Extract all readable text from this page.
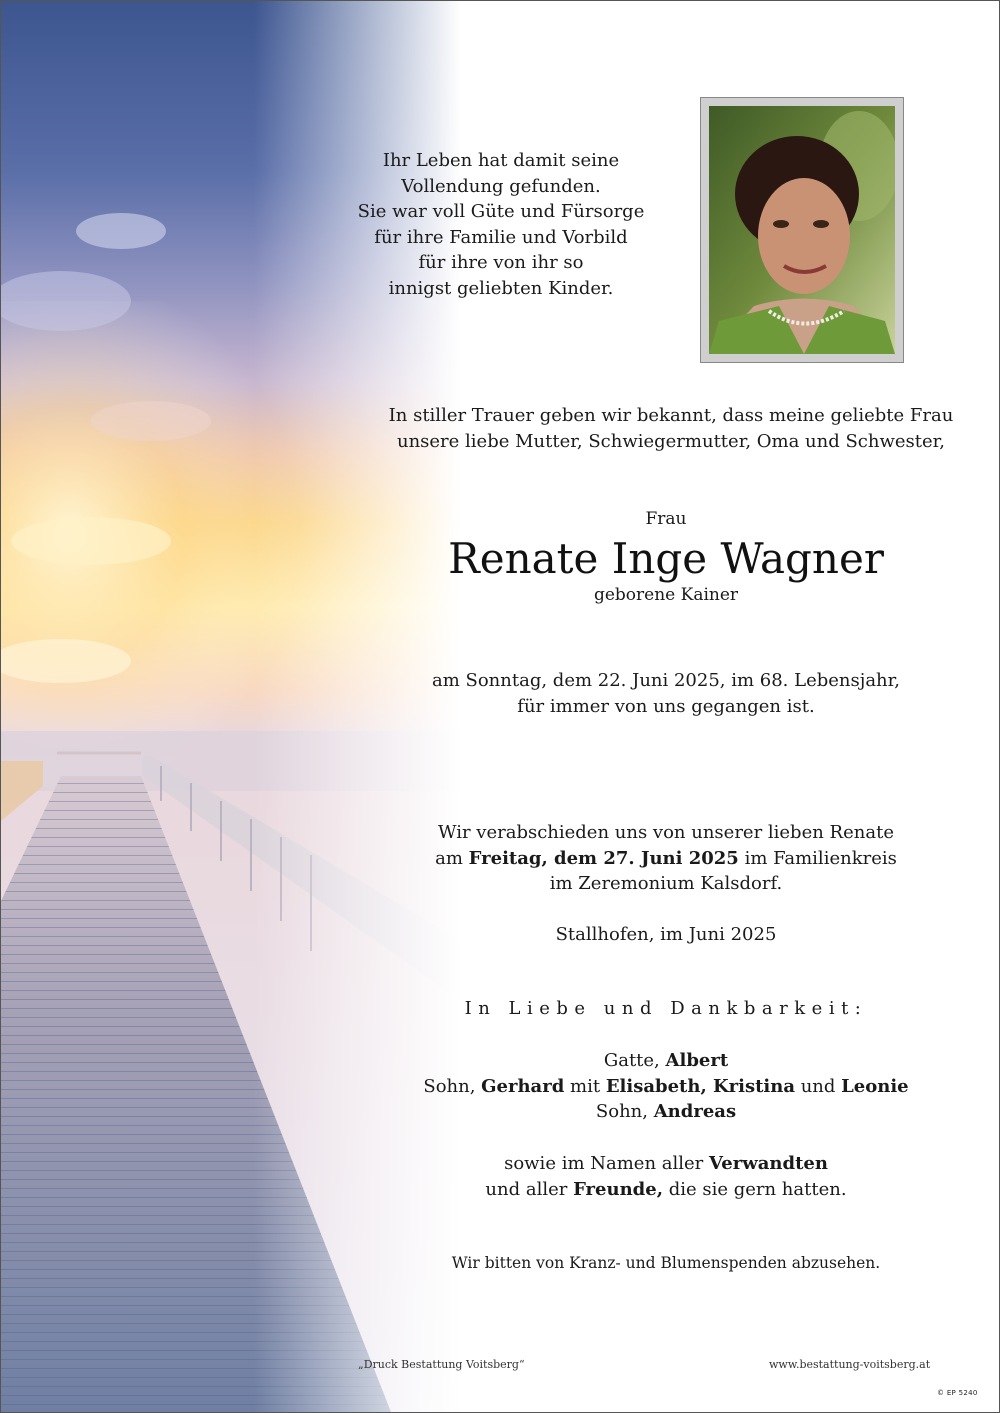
Ihr Leben hat damit seine

Vollendung gefunden.

Sie war voll Güte und Fürsorge

für ihre Familie und Vorbild

für ihre von ihr so

innigst geliebten Kinder.

In stiller Trauer geben wir bekannt, dass meine geliebte Frau

unsere liebe Mutter, Schwiegermutter, Oma und Schwester,

Frau
Renate Inge Wagner
geborene Kainer

am Sonntag, dem 22. Juni 2025, im 68. Lebensjahr,

für immer von uns gegangen ist.

Wir verabschieden uns von unserer lieben Renate

am Freitag, dem 27. Juni 2025 im Familienkreis

im Zeremonium Kalsdorf.

Stallhofen, im Juni 2025
In Liebe und Dankbarkeit:

Gatte, Albert

Sohn, Gerhard mit Elisabeth, Kristina und Leonie

Sohn, Andreas

sowie im Namen aller Verwandten

und aller Freunde, die sie gern hatten.

Wir bitten von Kranz- und Blumenspenden abzusehen.
„Druck Bestattung Voitsberg“	www.bestattung-voitsberg.at
© EP 5240
